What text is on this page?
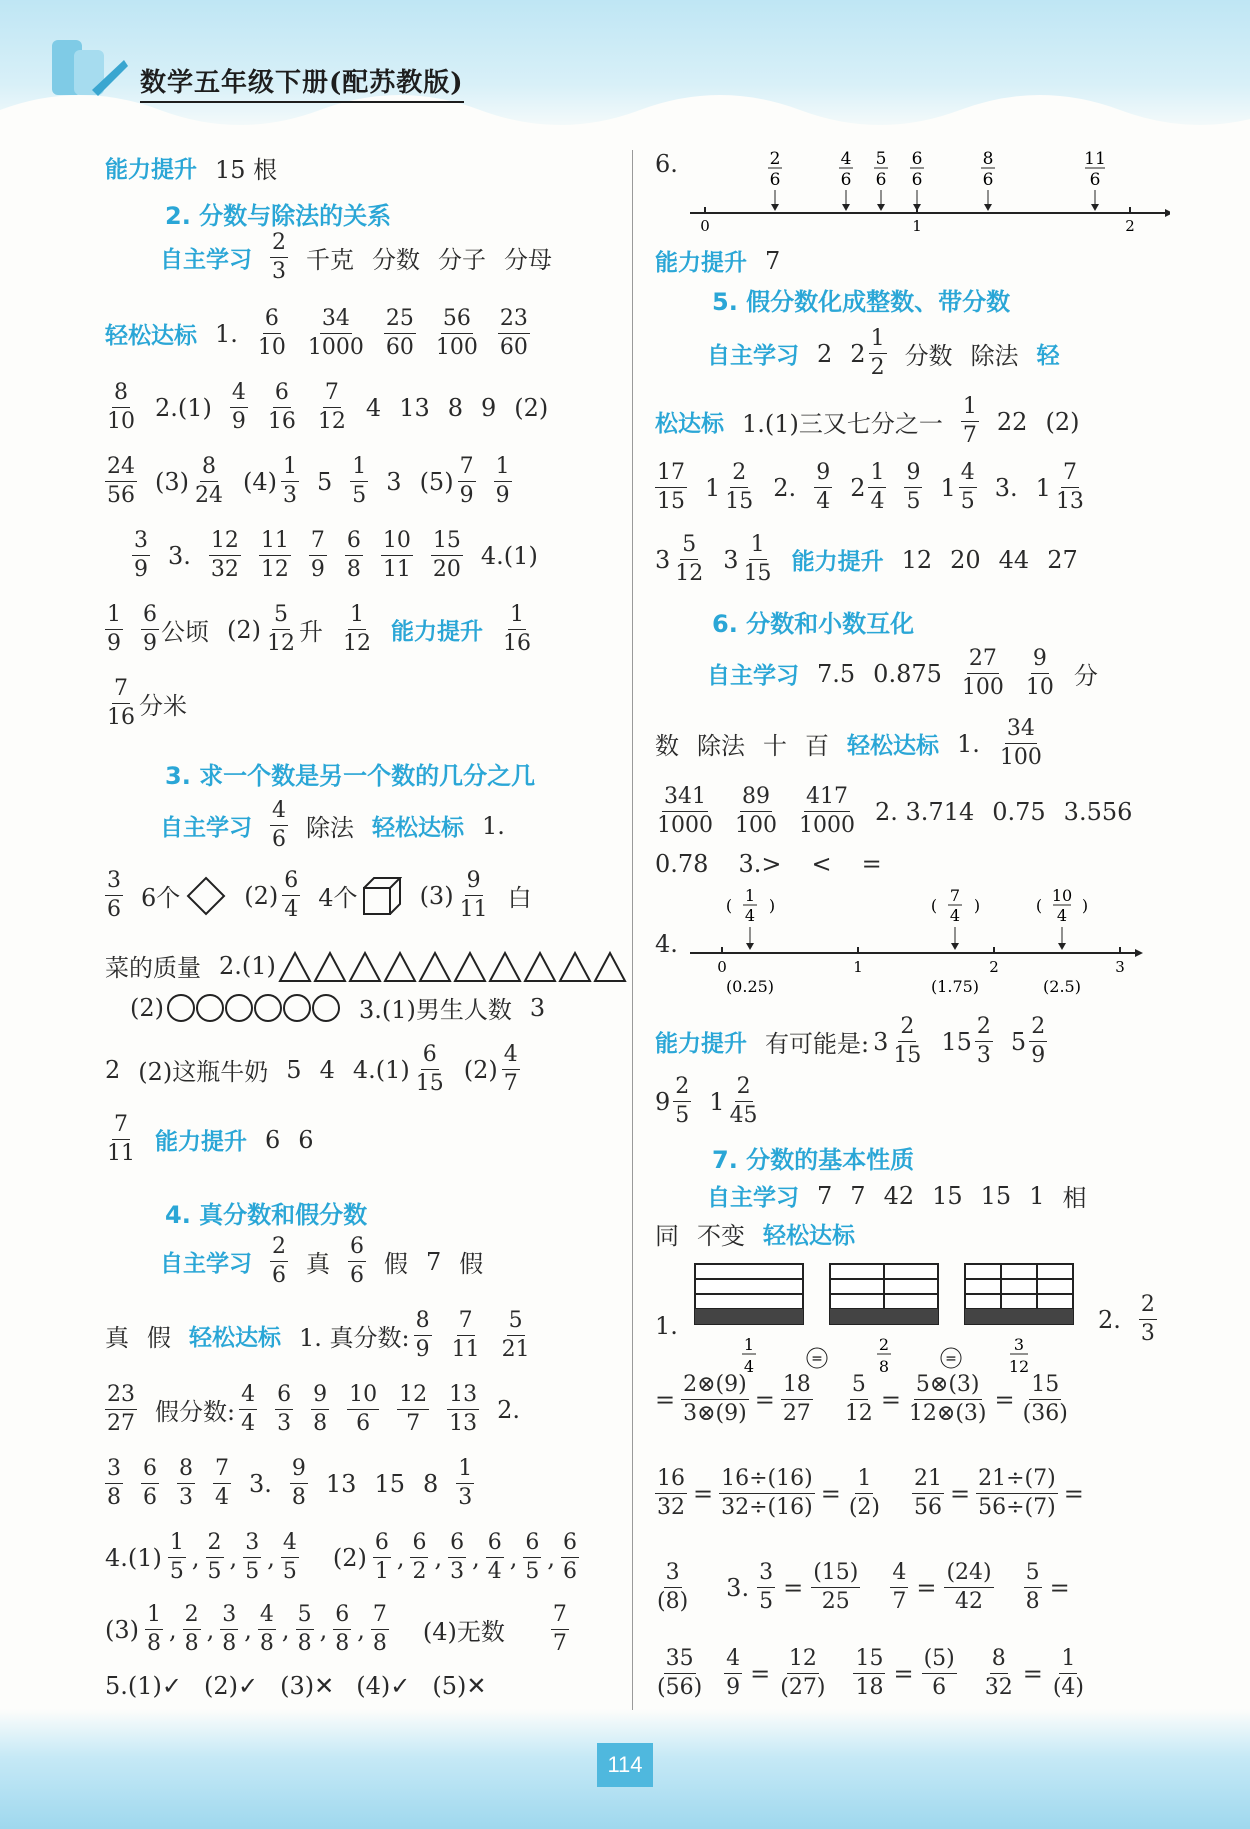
数学五年级下册(配苏教版)
114
能力提升 15 根
2. 分数与除法的关系
自主学习 $\frac{2}{3}$ 千克 分数 分子 分母
轻松达标 1. $\frac{6}{10} \frac{34}{1000} \frac{25}{60} \frac{56}{100} \frac{23}{60}$
$\frac{8}{10} 2.(1) \frac{4}{9} \frac{6}{16} \frac{7}{12} 4$ 13 8 9 (2)
$\frac{24}{56} (3) \frac{8}{24} (4) \frac{1}{3} 5 \frac{1}{5} 3$ $(5) \frac{7}{9} \frac{1}{9}$
$\frac{3}{9} 3$. $\frac{12}{32} \frac{11}{12} \frac{7}{9} \frac{6}{8} \frac{10}{11} \frac{15}{20} 4.(1)$
$\frac{1}{9} \frac{6}{9}$ 公顷 $(2) \frac{5}{12}$ 升 $\frac{1}{12}$ 能力提升 $\frac{1}{16}$
$\frac{7}{16}$ 分米
3. 求一个数是另一个数的几分之几
自主学习 $\frac{4}{6}$ 除法 轻松达标 1.
$\frac{3}{6} 6$个	$(2) \frac{6}{4} 4$个	$(3) \frac{9}{11}$ 白
菜的质量 2.(1)
(2)	3.(1)男生人数 3
2 (2)这瓶牛奶 5 4 $4.(1) \frac{6}{15} (2) \frac{4}{7}$
$\frac{7}{11}$ 能力提升 6 6
4. 真分数和假分数
自主学习 $\frac{2}{6}$ 真 $\frac{6}{6}$ 假 7 假
真 假 轻松达标 1. 真分数: $\frac{8}{9} \frac{7}{11} \frac{5}{21}$
$\frac{23}{27}$ 假分数: $\frac{4}{4} \frac{6}{3} \frac{9}{8} \frac{10}{6} \frac{12}{7} \frac{13}{13} 2$.
$\frac{3}{8} \frac{6}{6} \frac{8}{3} \frac{7}{4} 3$. $\frac{9}{8} 13$ 15 $8 \frac{1}{3}$
$4.(1) \frac{1}{5}$ , $\frac{2}{5}$ , $\frac{3}{5}$ , $\frac{4}{5} (2) \frac{6}{1}$ , $\frac{6}{2}$ , $\frac{6}{3}$ , $\frac{6}{4}$ , $\frac{6}{5}$ , $\frac{6}{6}$
$(3) \frac{1}{8}$ , $\frac{2}{8}$ , $\frac{3}{8}$ , $\frac{4}{8}$ , $\frac{5}{8}$ , $\frac{6}{8}$ , $\frac{7}{8} (4)$无数 $\frac{7}{7}$
5.(1)✓ (2)✓ (3)✕ (4)✓ (5)✕
6.
0	1	2
2
6
4
6
5
6
6
6
8
6
11
6
能力提升 7
5. 假分数化成整数、带分数
自主学习 2 $2 \frac{1}{2}$ 分数 除法 轻
松达标 1.(1)三又七分之一 $\frac{1}{7} 22$ (2)
$\frac{17}{15} 1 \frac{2}{15} 2$. $\frac{9}{4} 2 \frac{1}{4} \frac{9}{5} 1 \frac{4}{5} 3$. $1 \frac{7}{13}$
$3 \frac{5}{12} 3 \frac{1}{15}$ 能力提升 12 20 44 27
6. 分数和小数互化
自主学习 7.5 $0.875 \frac{27}{100} \frac{9}{10}$ 分
数 除法 十 百 轻松达标 1. $\frac{34}{100}$
$\frac{341}{1000} \frac{89}{100} \frac{417}{1000} 2$. 3.714 0.75 3.556
0.78 3.> < =
4.
0	1	2	3
1
4
( )
(0.25)
7
4
( )
(1.75)
10
4
( )
(2.5)
能力提升 有可能是: $3 \frac{2}{15} 15 \frac{2}{3} 5 \frac{2}{9}$
$9 \frac{2}{5} 1 \frac{2}{45}$
7. 分数的基本性质
自主学习 7 7 42 15 15 1 相
同 不变 轻松达标
1.
1
4	=
2
8	=
3
12
2. $\frac{2}{3}$
= $\frac{2\otimes(9)}{3\otimes(9)} = \frac{18}{27} \frac{5}{12} = \frac{5\otimes(3)}{12\otimes(3)} = \frac{15}{(36)}$
$\frac{16}{32} = \frac{16\div(16)}{32\div(16)} = \frac{1}{(2)} \frac{21}{56} = \frac{21\div(7)}{56\div(7)}$ =
$\frac{3}{(8)} 3$. $\frac{3}{5} = \frac{(15)}{25} \frac{4}{7} = \frac{(24)}{42} \frac{5}{8}$ =
$\frac{35}{(56)} \frac{4}{9} = \frac{12}{(27)} \frac{15}{18} = \frac{(5)}{6} \frac{8}{32} = \frac{1}{(4)}$
